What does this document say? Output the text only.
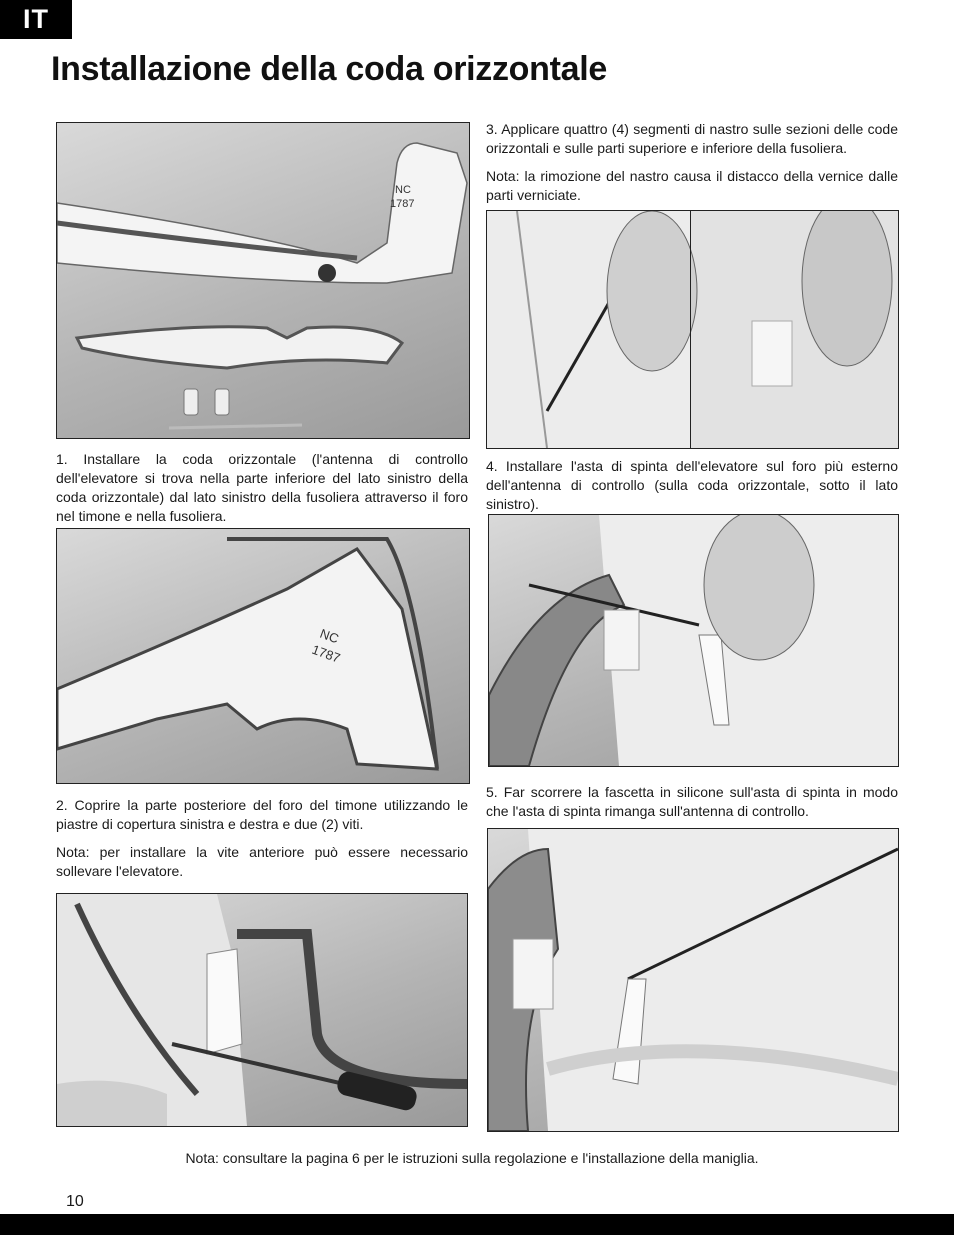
IT
Installazione della coda orizzontale
NC
1787

1. Installare la coda orizzontale (l'antenna di controllo dell'elevatore si trova nella parte inferiore del lato sinistro della coda orizzontale) dal lato sinistro della fusoliera attraverso il foro nel timone e nella fusoliera.

NC
1787

2. Coprire la parte posteriore del foro del timone utilizzando le piastre di copertura sinistra e destra e due (2) viti.

Nota: per installare la vite anteriore può essere necessario sollevare l'elevatore.

3. Applicare quattro (4) segmenti di nastro sulle sezioni delle code orizzontali e sulle parti superiore e inferiore della fusoliera.

Nota: la rimozione del nastro causa il distacco della vernice dalle parti verniciate.

4. Installare l'asta di spinta dell'elevatore sul foro più esterno dell'antenna di controllo (sulla coda orizzontale, sotto il lato sinistro).

5. Far scorrere la fascetta in silicone sull'asta di spinta in modo che l'asta di spinta rimanga sull'antenna di controllo.

Nota: consultare la pagina 6 per le istruzioni sulla regolazione e l'installazione della maniglia.

10
